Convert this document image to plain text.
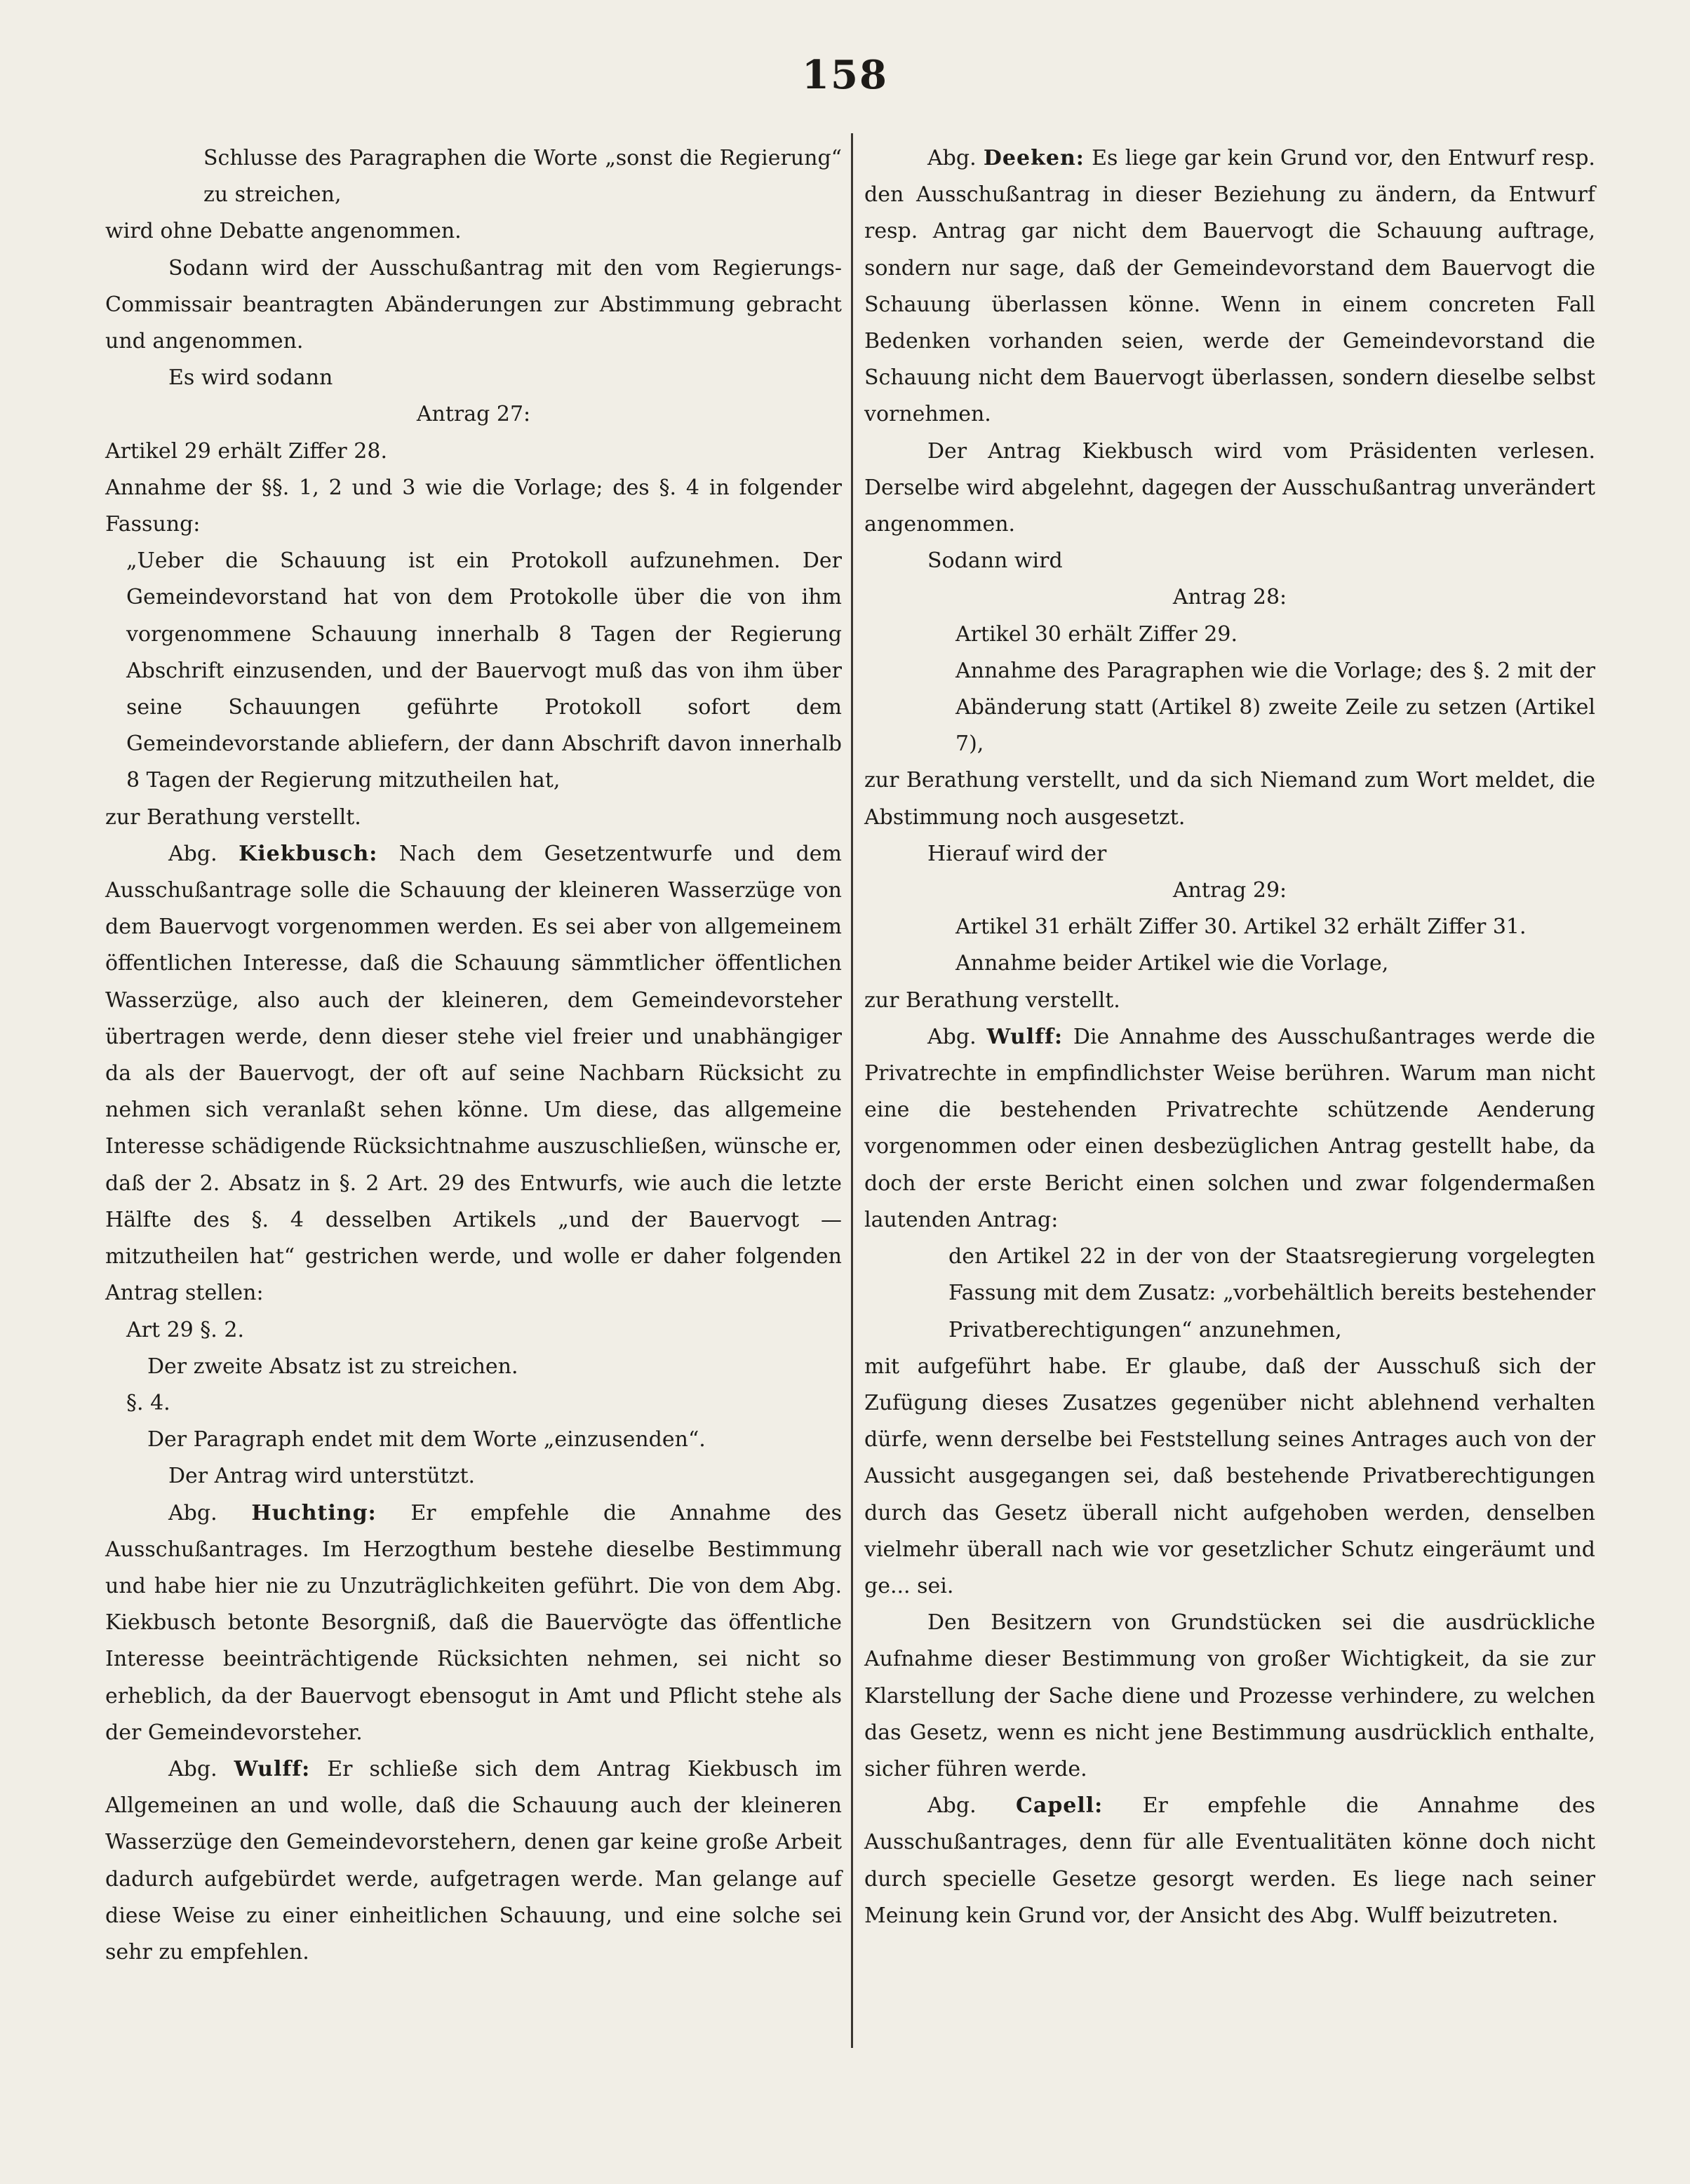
158

Schlusse des Paragraphen die Worte „sonst die Regierung“ zu streichen,

wird ohne Debatte angenommen.

Sodann wird der Ausschußantrag mit den vom Regierungs-Commissair beantragten Abänderungen zur Abstimmung gebracht und angenommen.

Es wird sodann

Antrag 27:

Artikel 29 erhält Ziffer 28.

Annahme der §§. 1, 2 und 3 wie die Vorlage; des §. 4 in folgender Fassung:

„Ueber die Schauung ist ein Protokoll aufzunehmen. Der Gemeindevorstand hat von dem Protokolle über die von ihm vorgenommene Schauung innerhalb 8 Tagen der Regierung Abschrift einzusenden, und der Bauervogt muß das von ihm über seine Schauungen geführte Protokoll sofort dem Gemeindevorstande abliefern, der dann Abschrift davon innerhalb 8 Tagen der Regierung mitzutheilen hat,

zur Berathung verstellt.

Abg. Kiekbusch: Nach dem Gesetzentwurfe und dem Ausschußantrage solle die Schauung der kleineren Wasserzüge von dem Bauervogt vorgenommen werden. Es sei aber von allgemeinem öffentlichen Interesse, daß die Schauung sämmtlicher öffentlichen Wasserzüge, also auch der kleineren, dem Gemeindevorsteher übertragen werde, denn dieser stehe viel freier und unabhängiger da als der Bauervogt, der oft auf seine Nachbarn Rücksicht zu nehmen sich veranlaßt sehen könne. Um diese, das allgemeine Interesse schädigende Rücksichtnahme auszuschließen, wünsche er, daß der 2. Absatz in §. 2 Art. 29 des Entwurfs, wie auch die letzte Hälfte des §. 4 desselben Artikels „und der Bauervogt — mitzutheilen hat“ gestrichen werde, und wolle er daher folgenden Antrag stellen:

Art 29 §. 2.

Der zweite Absatz ist zu streichen.

§. 4.

Der Paragraph endet mit dem Worte „einzusenden“.

Der Antrag wird unterstützt.

Abg. Huchting: Er empfehle die Annahme des Ausschußantrages. Im Herzogthum bestehe dieselbe Bestimmung und habe hier nie zu Unzuträglichkeiten geführt. Die von dem Abg. Kiekbusch betonte Besorgniß, daß die Bauervögte das öffentliche Interesse beeinträchtigende Rücksichten nehmen, sei nicht so erheblich, da der Bauervogt ebensogut in Amt und Pflicht stehe als der Gemeindevorsteher.

Abg. Wulff: Er schließe sich dem Antrag Kiekbusch im Allgemeinen an und wolle, daß die Schauung auch der kleineren Wasserzüge den Gemeindevorstehern, denen gar keine große Arbeit dadurch aufgebürdet werde, aufgetragen werde. Man gelange auf diese Weise zu einer einheitlichen Schauung, und eine solche sei sehr zu empfehlen.

Abg. Deeken: Es liege gar kein Grund vor, den Entwurf resp. den Ausschußantrag in dieser Beziehung zu ändern, da Entwurf resp. Antrag gar nicht dem Bauervogt die Schauung auftrage, sondern nur sage, daß der Gemeindevorstand dem Bauervogt die Schauung überlassen könne. Wenn in einem concreten Fall Bedenken vorhanden seien, werde der Gemeindevorstand die Schauung nicht dem Bauervogt überlassen, sondern dieselbe selbst vornehmen.

Der Antrag Kiekbusch wird vom Präsidenten verlesen. Derselbe wird abgelehnt, dagegen der Ausschußantrag unverändert angenommen.

Sodann wird

Antrag 28:

Artikel 30 erhält Ziffer 29.

Annahme des Paragraphen wie die Vorlage; des §. 2 mit der Abänderung statt (Artikel 8) zweite Zeile zu setzen (Artikel 7),

zur Berathung verstellt, und da sich Niemand zum Wort meldet, die Abstimmung noch ausgesetzt.

Hierauf wird der

Antrag 29:

Artikel 31 erhält Ziffer 30. Artikel 32 erhält Ziffer 31.

Annahme beider Artikel wie die Vorlage,

zur Berathung verstellt.

Abg. Wulff: Die Annahme des Ausschußantrages werde die Privatrechte in empfindlichster Weise berühren. Warum man nicht eine die bestehenden Privatrechte schützende Aenderung vorgenommen oder einen desbezüglichen Antrag gestellt habe, da doch der erste Bericht einen solchen und zwar folgendermaßen lautenden Antrag:

den Artikel 22 in der von der Staatsregierung vorgelegten Fassung mit dem Zusatz: „vorbehältlich bereits bestehender Privatberechtigungen“ anzunehmen,

mit aufgeführt habe. Er glaube, daß der Ausschuß sich der Zufügung dieses Zusatzes gegenüber nicht ablehnend verhalten dürfe, wenn derselbe bei Feststellung seines Antrages auch von der Aussicht ausgegangen sei, daß bestehende Privatberechtigungen durch das Gesetz überall nicht aufgehoben werden, denselben vielmehr überall nach wie vor gesetzlicher Schutz eingeräumt und ge... sei.

Den Besitzern von Grundstücken sei die ausdrückliche Aufnahme dieser Bestimmung von großer Wichtigkeit, da sie zur Klarstellung der Sache diene und Prozesse verhindere, zu welchen das Gesetz, wenn es nicht jene Bestimmung ausdrücklich enthalte, sicher führen werde.

Abg. Capell: Er empfehle die Annahme des Ausschußantrages, denn für alle Eventualitäten könne doch nicht durch specielle Gesetze gesorgt werden. Es liege nach seiner Meinung kein Grund vor, der Ansicht des Abg. Wulff beizutreten.
